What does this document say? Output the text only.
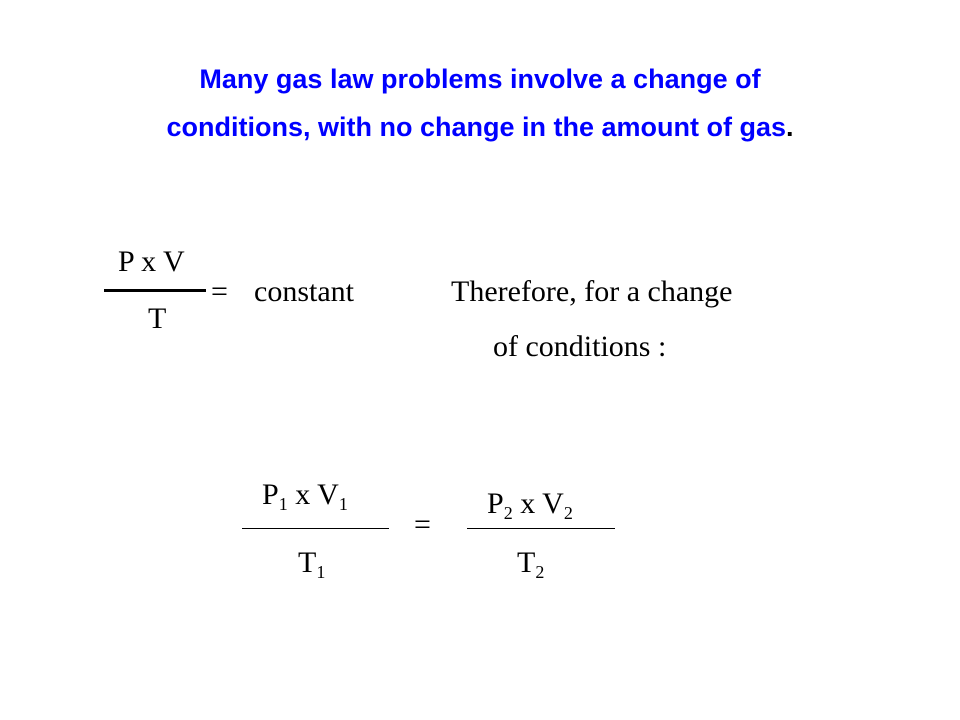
Many gas law problems involve a change of
conditions, with no change in the amount of gas.
P x V
T
= constant	Therefore, for a change
of conditions :
$P_1$ x $V_1$
$T_1$
=
$P_2$ x $V_2$
$T_2$
